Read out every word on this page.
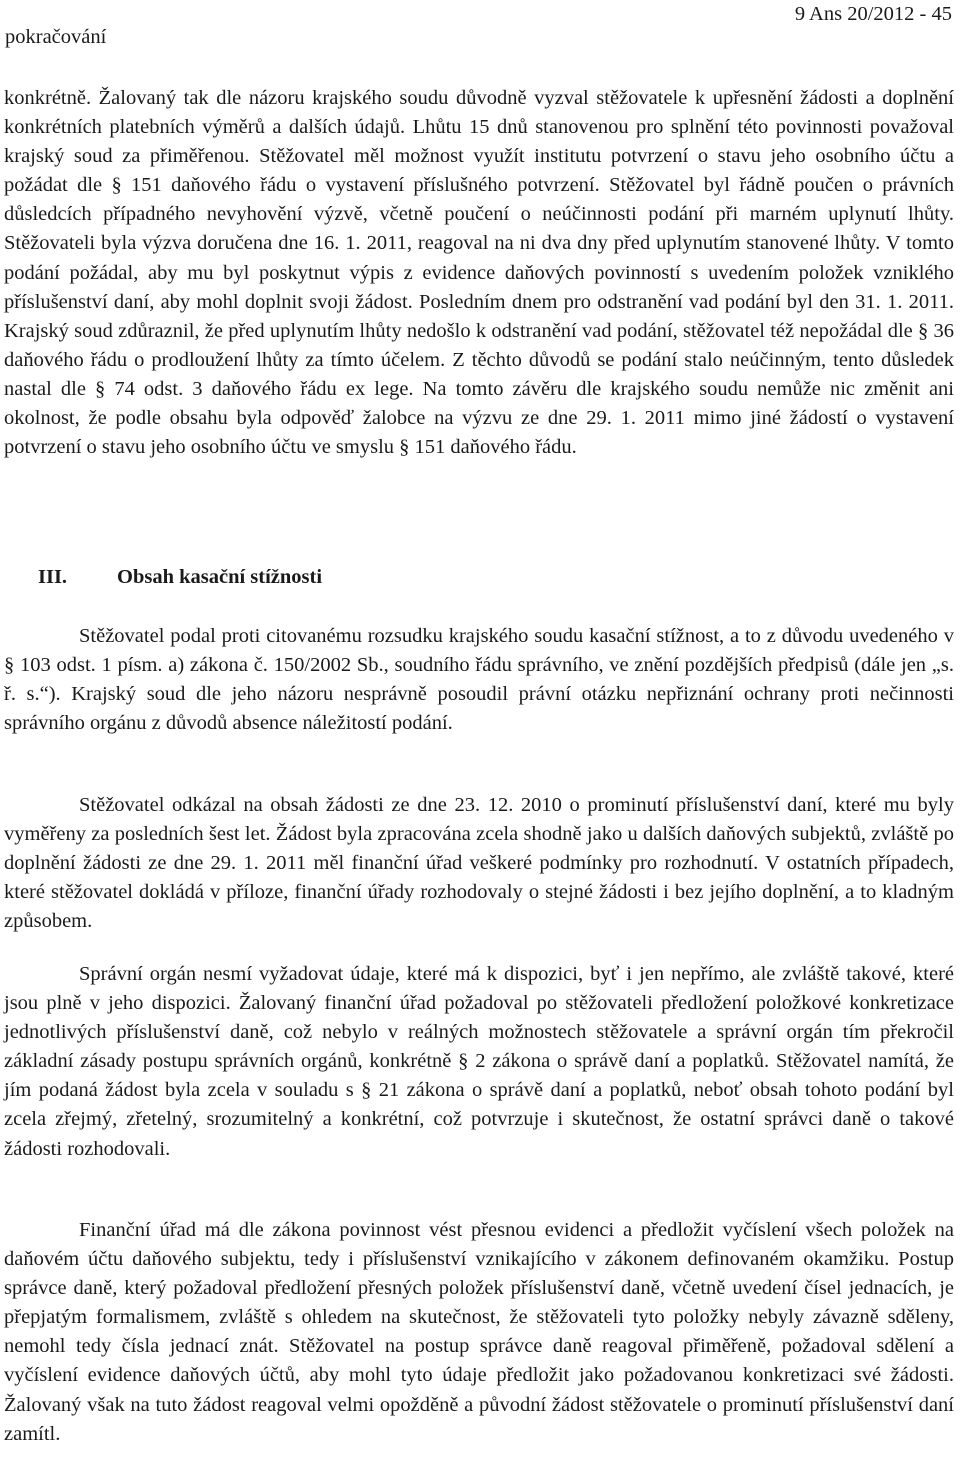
pokračování
9 Ans 20/2012 - 45

konkrétně. Žalovaný tak dle názoru krajského soudu důvodně vyzval stěžovatele k upřesnění žádosti a doplnění konkrétních platebních výměrů a dalších údajů. Lhůtu 15 dnů stanovenou pro splnění této povinnosti považoval krajský soud za přiměřenou. Stěžovatel měl možnost využít institutu potvrzení o stavu jeho osobního účtu a požádat dle § 151 daňového řádu o vystavení příslušného potvrzení. Stěžovatel byl řádně poučen o právních důsledcích případného nevyhovění výzvě, včetně poučení o neúčinnosti podání při marném uplynutí lhůty. Stěžovateli byla výzva doručena dne 16. 1. 2011, reagoval na ni dva dny před uplynutím stanovené lhůty. V tomto podání požádal, aby mu byl poskytnut výpis z evidence daňových povinností s uvedením položek vzniklého příslušenství daní, aby mohl doplnit svoji žádost. Posledním dnem pro odstranění vad podání byl den 31. 1. 2011. Krajský soud zdůraznil, že před uplynutím lhůty nedošlo k odstranění vad podání, stěžovatel též nepožádal dle § 36 daňového řádu o prodloužení lhůty za tímto účelem. Z těchto důvodů se podání stalo neúčinným, tento důsledek nastal dle § 74 odst. 3 daňového řádu ex lege. Na tomto závěru dle krajského soudu nemůže nic změnit ani okolnost, že podle obsahu byla odpověď žalobce na výzvu ze dne 29. 1. 2011 mimo jiné žádostí o vystavení potvrzení o stavu jeho osobního účtu ve smyslu § 151 daňového řádu.

III. Obsah kasační stížnosti

Stěžovatel podal proti citovanému rozsudku krajského soudu kasační stížnost, a to z důvodu uvedeného v § 103 odst. 1 písm. a) zákona č. 150/2002 Sb., soudního řádu správního, ve znění pozdějších předpisů (dále jen „s. ř. s.“). Krajský soud dle jeho názoru nesprávně posoudil právní otázku nepřiznání ochrany proti nečinnosti správního orgánu z důvodů absence náležitostí podání.

Stěžovatel odkázal na obsah žádosti ze dne 23. 12. 2010 o prominutí příslušenství daní, které mu byly vyměřeny za posledních šest let. Žádost byla zpracována zcela shodně jako u dalších daňových subjektů, zvláště po doplnění žádosti ze dne 29. 1. 2011 měl finanční úřad veškeré podmínky pro rozhodnutí. V ostatních případech, které stěžovatel dokládá v příloze, finanční úřady rozhodovaly o stejné žádosti i bez jejího doplnění, a to kladným způsobem.

Správní orgán nesmí vyžadovat údaje, které má k dispozici, byť i jen nepřímo, ale zvláště takové, které jsou plně v jeho dispozici. Žalovaný finanční úřad požadoval po stěžovateli předložení položkové konkretizace jednotlivých příslušenství daně, což nebylo v reálných možnostech stěžovatele a správní orgán tím překročil základní zásady postupu správních orgánů, konkrétně § 2 zákona o správě daní a poplatků. Stěžovatel namítá, že jím podaná žádost byla zcela v souladu s § 21 zákona o správě daní a poplatků, neboť obsah tohoto podání byl zcela zřejmý, zřetelný, srozumitelný a konkrétní, což potvrzuje i skutečnost, že ostatní správci daně o takové žádosti rozhodovali.

Finanční úřad má dle zákona povinnost vést přesnou evidenci a předložit vyčíslení všech položek na daňovém účtu daňového subjektu, tedy i příslušenství vznikajícího v zákonem definovaném okamžiku. Postup správce daně, který požadoval předložení přesných položek příslušenství daně, včetně uvedení čísel jednacích, je přepjatým formalismem, zvláště s ohledem na skutečnost, že stěžovateli tyto položky nebyly závazně sděleny, nemohl tedy čísla jednací znát. Stěžovatel na postup správce daně reagoval přiměřeně, požadoval sdělení a vyčíslení evidence daňových účtů, aby mohl tyto údaje předložit jako požadovanou konkretizaci své žádosti. Žalovaný však na tuto žádost reagoval velmi opožděně a původní žádost stěžovatele o prominutí příslušenství daní zamítl.
